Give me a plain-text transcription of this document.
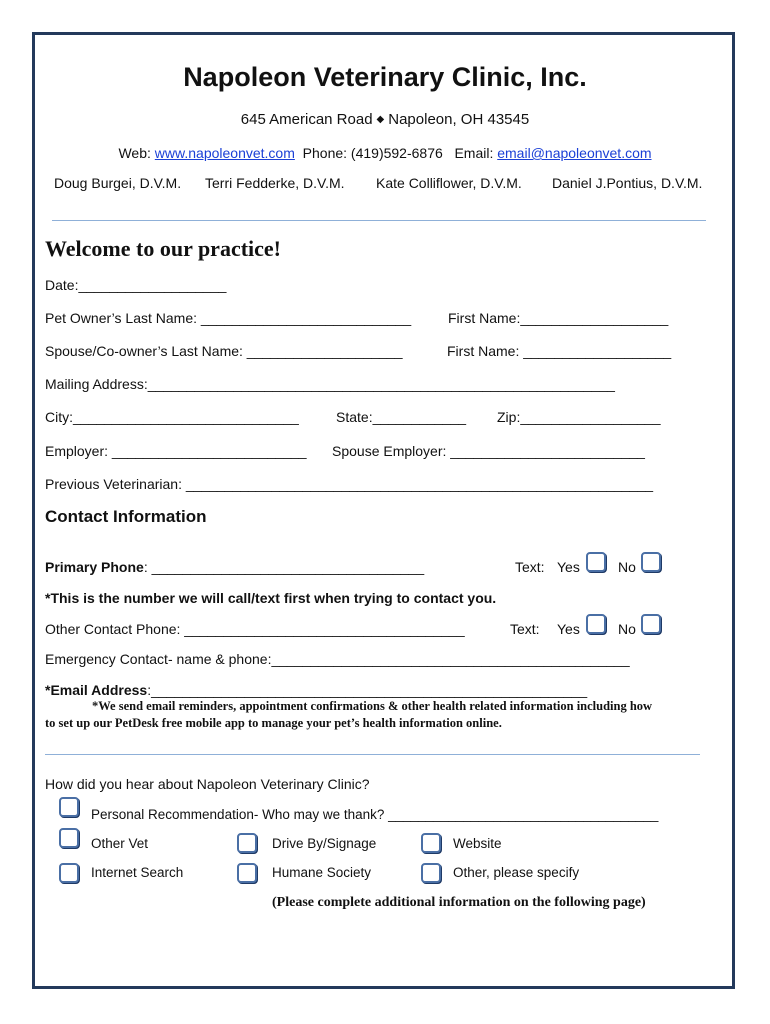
Napoleon Veterinary Clinic, Inc.
645 American Road ◆ Napoleon, OH 43545
Web: www.napoleonvet.com Phone: (419)592-6876 Email: email@napoleonvet.com
Doug Burgei, D.V.M. Terri Fedderke, D.V.M. Kate Colliflower, D.V.M. Daniel J.Pontius, D.V.M.
Welcome to our practice!
Date:___________________
Pet Owner’s Last Name: ___________________________	First Name:___________________
Spouse/Co-owner’s Last Name: ____________________	First Name: ___________________
Mailing Address:____________________________________________________________
City:_____________________________	State:____________ Zip:__________________
Employer: _________________________ Spouse Employer: _________________________
Previous Veterinarian: ____________________________________________________________
Contact Information
Primary Phone: ___________________________________	Text: Yes	No
*This is the number we will call/text first when trying to contact you.
Other Contact Phone: ____________________________________	Text: Yes	No
Emergency Contact- name & phone:______________________________________________
*Email Address:________________________________________________________
*We send email reminders, appointment confirmations & other health related information including how
to set up our PetDesk free mobile app to manage your pet’s health information online.
How did you hear about Napoleon Veterinary Clinic?
Personal Recommendation- Who may we thank? ____________________________________
Other Vet	Drive By/Signage	Website
Internet Search	Humane Society	Other, please specify
(Please complete additional information on the following page)
